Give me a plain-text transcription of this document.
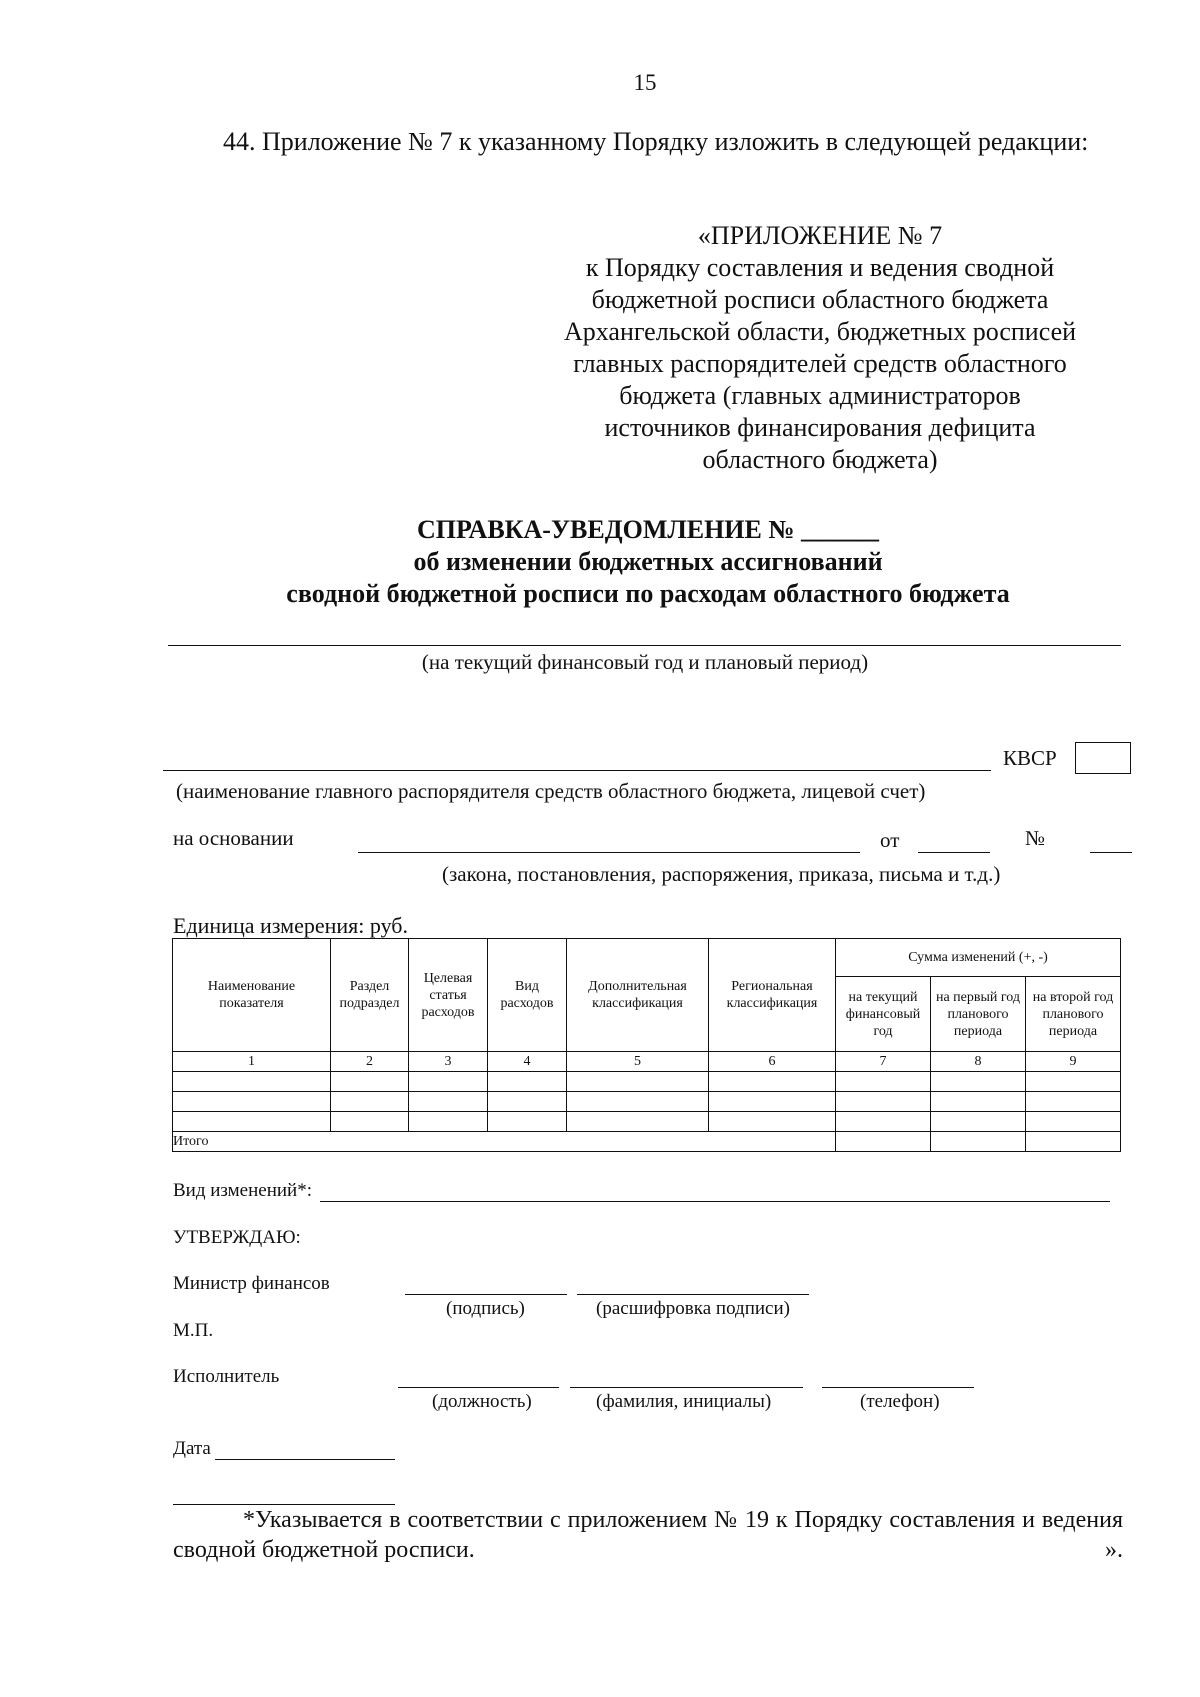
15
44. Приложение № 7 к указанному Порядку изложить в следующей редакции:
«ПРИЛОЖЕНИЕ № 7
к Порядку составления и ведения сводной
бюджетной росписи областного бюджета
Архангельской области, бюджетных росписей
главных распорядителей средств областного
бюджета (главных администраторов
источников финансирования дефицита
областного бюджета)
СПРАВКА-УВЕДОМЛЕНИЕ № ______
об изменении бюджетных ассигнований
сводной бюджетной росписи по расходам областного бюджета
(на текущий финансовый год и плановый период)
КВСР
(наименование главного распорядителя средств областного бюджета, лицевой счет)
на основании	от	№
(закона, постановления, распоряжения, приказа, письма и т.д.)
Единица измерения: руб.
Наименование показателя	Раздел подраздел	Целевая статья расходов	Вид расходов	Дополнительная классификация	Региональная классификация	Сумма изменений (+, -)		
						на текущий финансовый год	на первый год планового периода	на второй год планового периода
1	2	3	4	5	6	7	8	9

Итого								
Вид изменений*:
УТВЕРЖДАЮ:
Министр финансов
(подпись)	(расшифровка подписи)
М.П.
Исполнитель
(должность)	(фамилия, инициалы)	(телефон)
Дата
*Указывается в соответствии с приложением № 19 к Порядку составления и ведения сводной бюджетной росписи.	».
